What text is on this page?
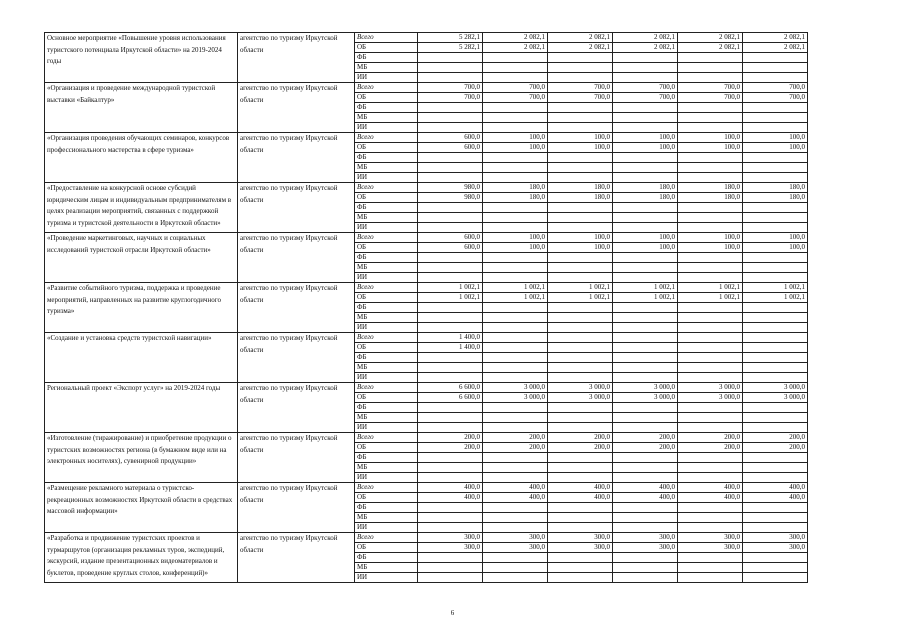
Основное мероприятие «Повышение уровня использования туристского потенциала Иркутской области» на 2019-2024 годы	агентство по туризму Иркутской области	Всего	5 282,1	2 082,1	2 082,1	2 082,1	2 082,1	2 082,1
		ОБ	5 282,1	2 082,1	2 082,1	2 082,1	2 082,1	2 082,1
		ФБ						
		МБ						
		ИИ						
«Организация и проведение международной туристской выставки «Байкалтур»	агентство по туризму Иркутской области	Всего	700,0	700,0	700,0	700,0	700,0	700,0
		ОБ	700,0	700,0	700,0	700,0	700,0	700,0
		ФБ						
		МБ						
		ИИ						
«Организация проведения обучающих семинаров, конкурсов профессионального мастерства в сфере туризма»	агентство по туризму Иркутской области	Всего	600,0	100,0	100,0	100,0	100,0	100,0
		ОБ	600,0	100,0	100,0	100,0	100,0	100,0
		ФБ						
		МБ						
		ИИ						
«Предоставление на конкурсной основе субсидий юридическим лицам и индивидуальным предпринимателям в целях реализации мероприятий, связанных с поддержкой туризма и туристской деятельности в Иркутской области»	агентство по туризму Иркутской области	Всего	980,0	180,0	180,0	180,0	180,0	180,0
		ОБ	980,0	180,0	180,0	180,0	180,0	180,0
		ФБ						
		МБ						
		ИИ						
«Проведение маркетинговых, научных и социальных исследований туристской отрасли Иркутской области»	агентство по туризму Иркутской области	Всего	600,0	100,0	100,0	100,0	100,0	100,0
		ОБ	600,0	100,0	100,0	100,0	100,0	100,0
		ФБ						
		МБ						
		ИИ						
«Развитие событийного туризма, поддержка и проведение мероприятий, направленных на развитие круглогодичного туризма»	агентство по туризму Иркутской области	Всего	1 002,1	1 002,1	1 002,1	1 002,1	1 002,1	1 002,1
		ОБ	1 002,1	1 002,1	1 002,1	1 002,1	1 002,1	1 002,1
		ФБ						
		МБ						
		ИИ						
«Создание и установка средств туристской навигации»	агентство по туризму Иркутской области	Всего	1 400,0					
		ОБ	1 400,0					
		ФБ						
		МБ						
		ИИ						
Региональный проект «Экспорт услуг» на 2019-2024 годы	агентство по туризму Иркутской области	Всего	6 600,0	3 000,0	3 000,0	3 000,0	3 000,0	3 000,0
		ОБ	6 600,0	3 000,0	3 000,0	3 000,0	3 000,0	3 000,0
		ФБ						
		МБ						
		ИИ						
«Изготовление (тиражирование) и приобретение продукции о туристских возможностях региона (в бумажном виде или на электронных носителях), сувенирной продукции»	агентство по туризму Иркутской области	Всего	200,0	200,0	200,0	200,0	200,0	200,0
		ОБ	200,0	200,0	200,0	200,0	200,0	200,0
		ФБ						
		МБ						
		ИИ						
«Размещение рекламного материала о туристско-рекреационных возможностях Иркутской области в средствах массовой информации»	агентство по туризму Иркутской области	Всего	400,0	400,0	400,0	400,0	400,0	400,0
		ОБ	400,0	400,0	400,0	400,0	400,0	400,0
		ФБ						
		МБ						
		ИИ						
«Разработка и продвижение туристских проектов и турмаршрутов (организация рекламных туров, экспедиций, экскурсий, издание презентационных видеоматериалов и буклетов, проведение круглых столов, конференций)»	агентство по туризму Иркутской области	Всего	300,0	300,0	300,0	300,0	300,0	300,0
		ОБ	300,0	300,0	300,0	300,0	300,0	300,0
		ФБ						
		МБ						
		ИИ						
6
